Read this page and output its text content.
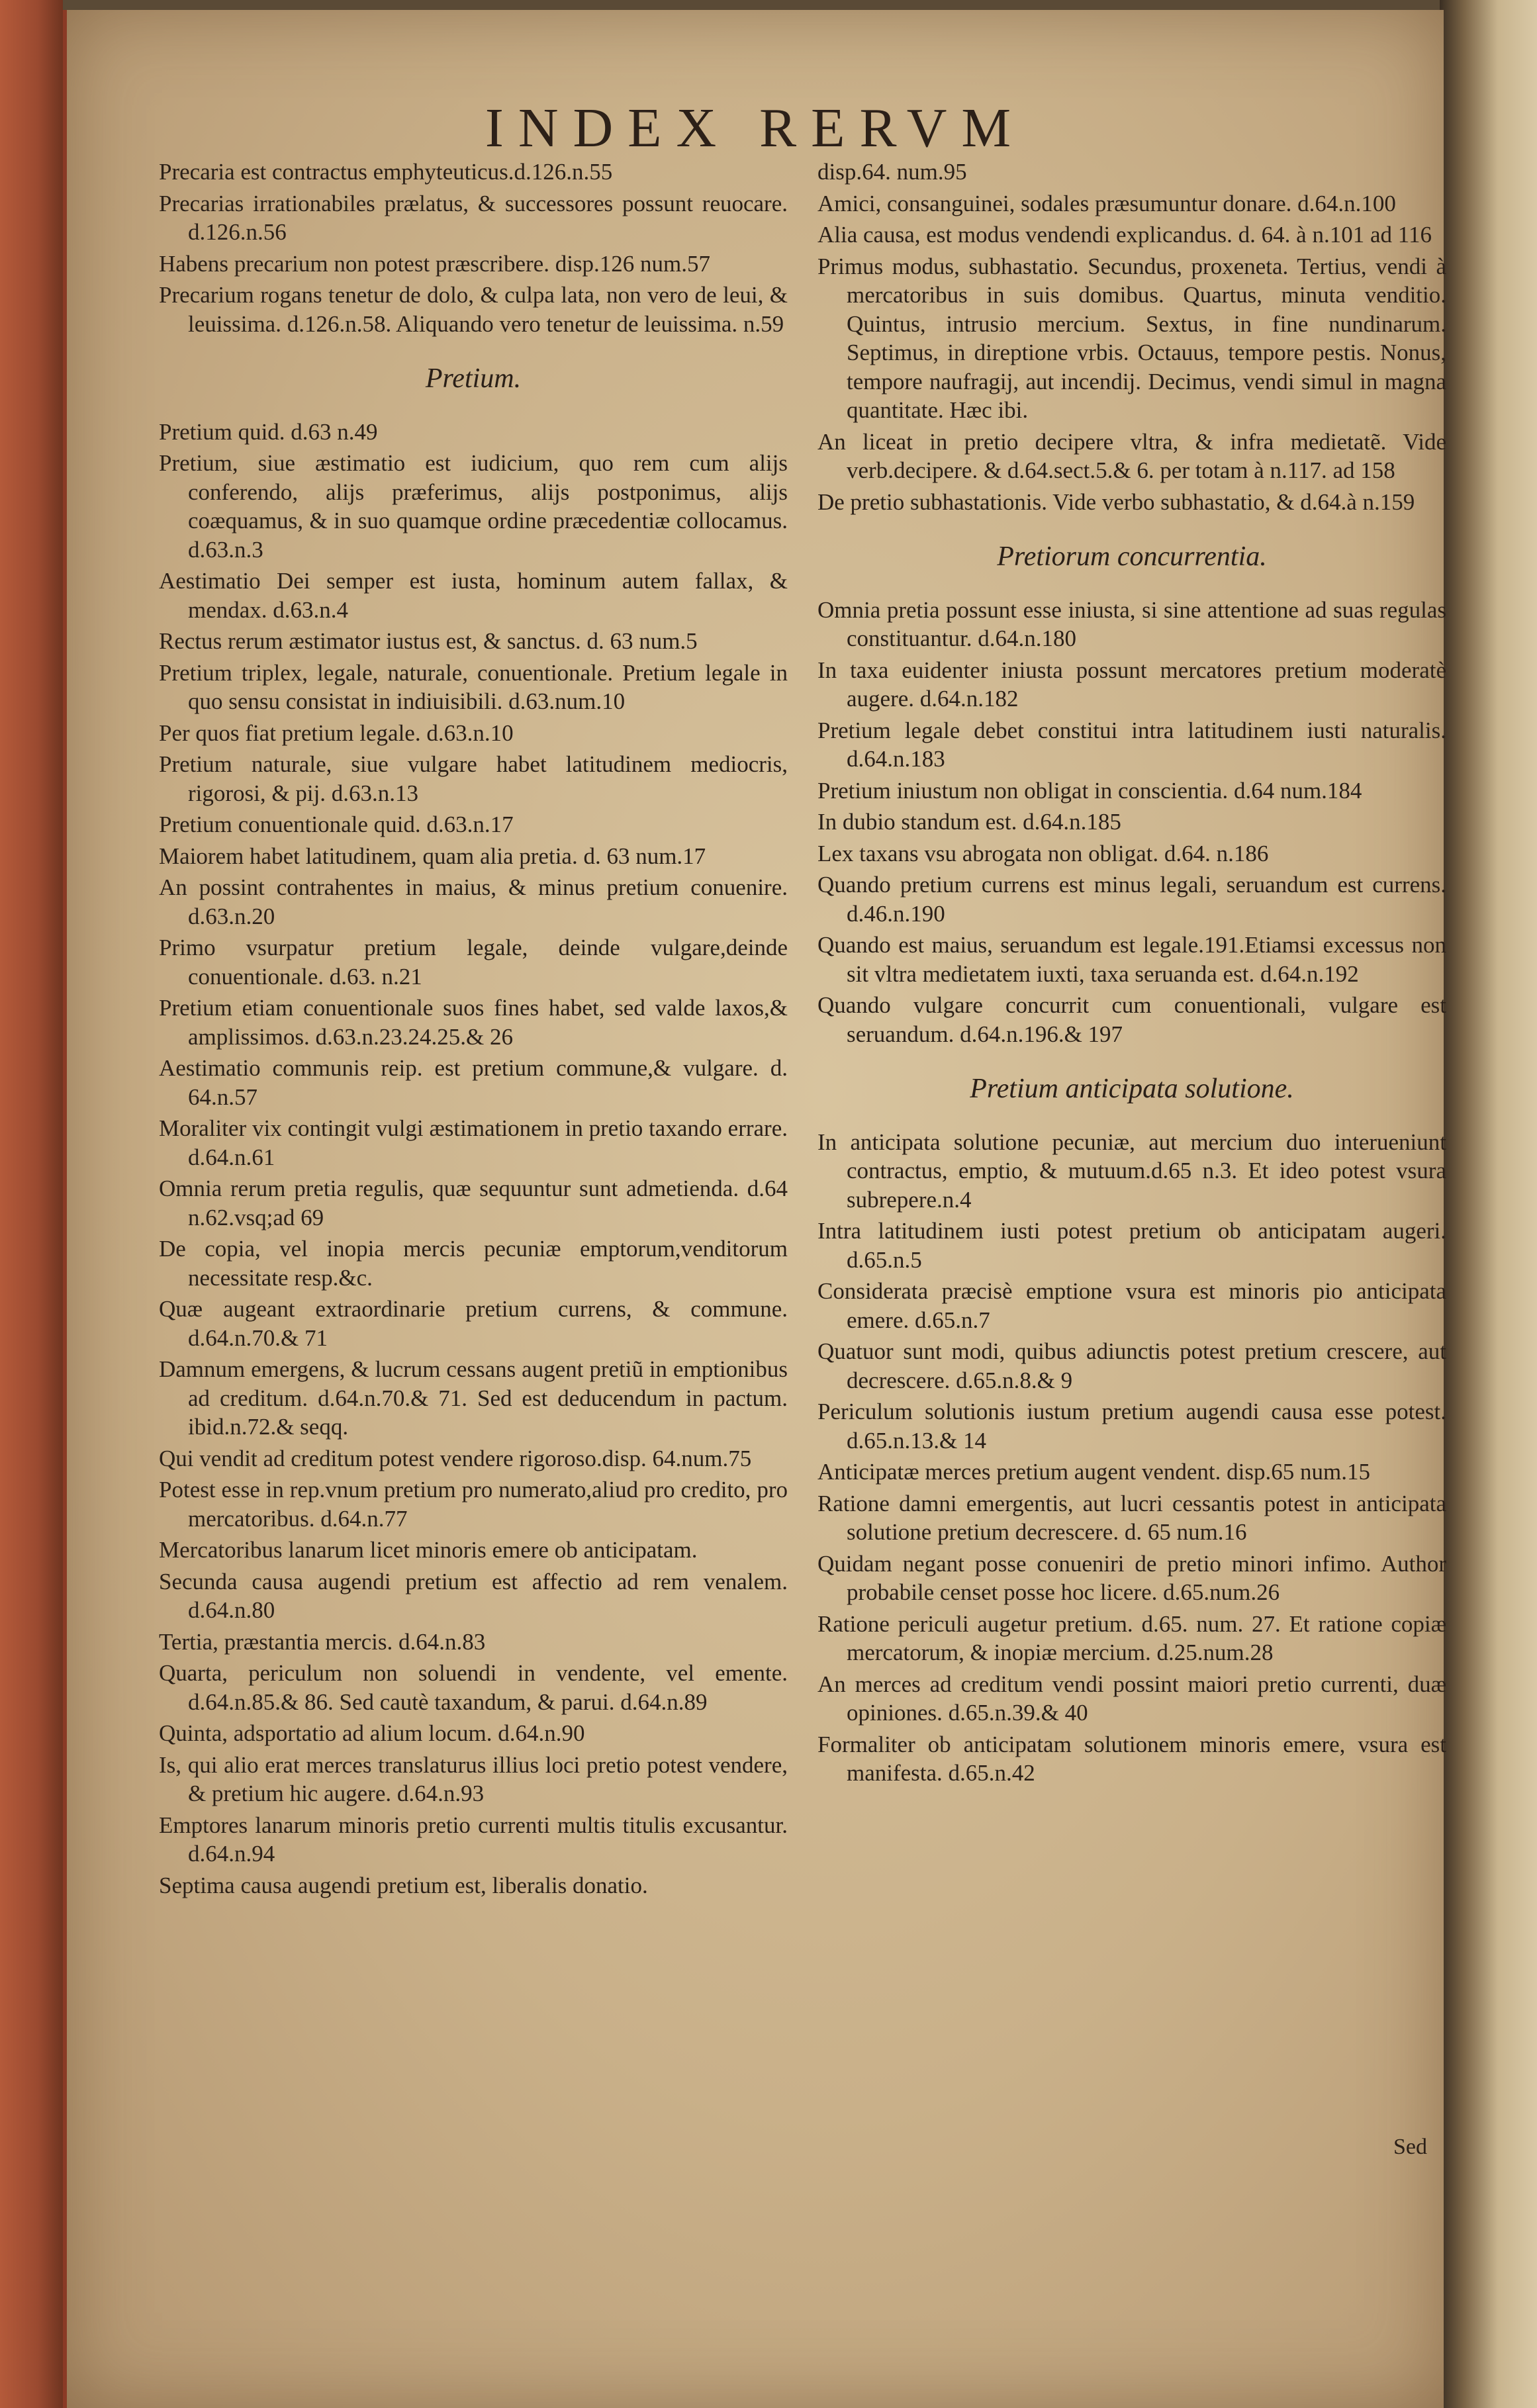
INDEX RERVM
Precaria est contractus emphyteuticus.d.126.n.55
Precarias irrationabiles prælatus, & successores possunt reuocare. d.126.n.56
Habens precarium non potest præscribere. disp.126 num.57
Precarium rogans tenetur de dolo, & culpa lata, non vero de leui, & leuissima. d.126.n.58. Aliquando vero tenetur de leuissima. n.59
Pretium.
Pretium quid. d.63 n.49
Pretium, siue æstimatio est iudicium, quo rem cum alijs conferendo, alijs præferimus, alijs postponimus, alijs coæquamus, & in suo quamque ordine præcedentiæ collocamus. d.63.n.3
Aestimatio Dei semper est iusta, hominum autem fallax, & mendax. d.63.n.4
Rectus rerum æstimator iustus est, & sanctus. d. 63 num.5
Pretium triplex, legale, naturale, conuentionale. Pretium legale in quo sensu consistat in indiuisibili. d.63.num.10
Per quos fiat pretium legale. d.63.n.10
Pretium naturale, siue vulgare habet latitudinem mediocris, rigorosi, & pij. d.63.n.13
Pretium conuentionale quid. d.63.n.17
Maiorem habet latitudinem, quam alia pretia. d. 63 num.17
An possint contrahentes in maius, & minus pretium conuenire. d.63.n.20
Primo vsurpatur pretium legale, deinde vulgare,deinde conuentionale. d.63. n.21
Pretium etiam conuentionale suos fines habet, sed valde laxos,& amplissimos. d.63.n.23.24.25.& 26
Aestimatio communis reip. est pretium commune,& vulgare. d. 64.n.57
Moraliter vix contingit vulgi æstimationem in pretio taxando errare. d.64.n.61
Omnia rerum pretia regulis, quæ sequuntur sunt admetienda. d.64 n.62.vsq;ad 69
De copia, vel inopia mercis pecuniæ emptorum,venditorum necessitate resp.&c.
Quæ augeant extraordinarie pretium currens, & commune. d.64.n.70.& 71
Damnum emergens, & lucrum cessans augent pretiũ in emptionibus ad creditum. d.64.n.70.& 71. Sed est deducendum in pactum. ibid.n.72.& seqq.
Qui vendit ad creditum potest vendere rigoroso.disp. 64.num.75
Potest esse in rep.vnum pretium pro numerato,aliud pro credito, pro mercatoribus. d.64.n.77
Mercatoribus lanarum licet minoris emere ob anticipatam.
Secunda causa augendi pretium est affectio ad rem venalem. d.64.n.80
Tertia, præstantia mercis. d.64.n.83
Quarta, periculum non soluendi in vendente, vel emente. d.64.n.85.& 86. Sed cautè taxandum, & parui. d.64.n.89
Quinta, adsportatio ad alium locum. d.64.n.90
Is, qui alio erat merces translaturus illius loci pretio potest vendere, & pretium hic augere. d.64.n.93
Emptores lanarum minoris pretio currenti multis titulis excusantur. d.64.n.94
Septima causa augendi pretium est, liberalis donatio.
disp.64. num.95
Amici, consanguinei, sodales præsumuntur donare. d.64.n.100
Alia causa, est modus vendendi explicandus. d. 64. à n.101 ad 116
Primus modus, subhastatio. Secundus, proxeneta. Tertius, vendi à mercatoribus in suis domibus. Quartus, minuta venditio. Quintus, intrusio mercium. Sextus, in fine nundinarum. Septimus, in direptione vrbis. Octauus, tempore pestis. Nonus, tempore naufragij, aut incendij. Decimus, vendi simul in magna quantitate. Hæc ibi.
An liceat in pretio decipere vltra, & infra medietatẽ. Vide verb.decipere. & d.64.sect.5.& 6. per totam à n.117. ad 158
De pretio subhastationis. Vide verbo subhastatio, & d.64.à n.159
Pretiorum concurrentia.
Omnia pretia possunt esse iniusta, si sine attentione ad suas regulas constituantur. d.64.n.180
In taxa euidenter iniusta possunt mercatores pretium moderatè augere. d.64.n.182
Pretium legale debet constitui intra latitudinem iusti naturalis. d.64.n.183
Pretium iniustum non obligat in conscientia. d.64 num.184
In dubio standum est. d.64.n.185
Lex taxans vsu abrogata non obligat. d.64. n.186
Quando pretium currens est minus legali, seruandum est currens. d.46.n.190
Quando est maius, seruandum est legale.191.Etiamsi excessus non sit vltra medietatem iuxti, taxa seruanda est. d.64.n.192
Quando vulgare concurrit cum conuentionali, vulgare est seruandum. d.64.n.196.& 197
Pretium anticipata solutione.
In anticipata solutione pecuniæ, aut mercium duo interueniunt contractus, emptio, & mutuum.d.65 n.3. Et ideo potest vsura subrepere.n.4
Intra latitudinem iusti potest pretium ob anticipatam augeri. d.65.n.5
Considerata præcisè emptione vsura est minoris pio anticipata emere. d.65.n.7
Quatuor sunt modi, quibus adiunctis potest pretium crescere, aut decrescere. d.65.n.8.& 9
Periculum solutionis iustum pretium augendi causa esse potest. d.65.n.13.& 14
Anticipatæ merces pretium augent vendent. disp.65 num.15
Ratione damni emergentis, aut lucri cessantis potest in anticipata solutione pretium decrescere. d. 65 num.16
Quidam negant posse conueniri de pretio minori infimo. Author probabile censet posse hoc licere. d.65.num.26
Ratione periculi augetur pretium. d.65. num. 27. Et ratione copiæ mercatorum, & inopiæ mercium. d.25.num.28
An merces ad creditum vendi possint maiori pretio currenti, duæ opiniones. d.65.n.39.& 40
Formaliter ob anticipatam solutionem minoris emere, vsura est manifesta. d.65.n.42
Sed
